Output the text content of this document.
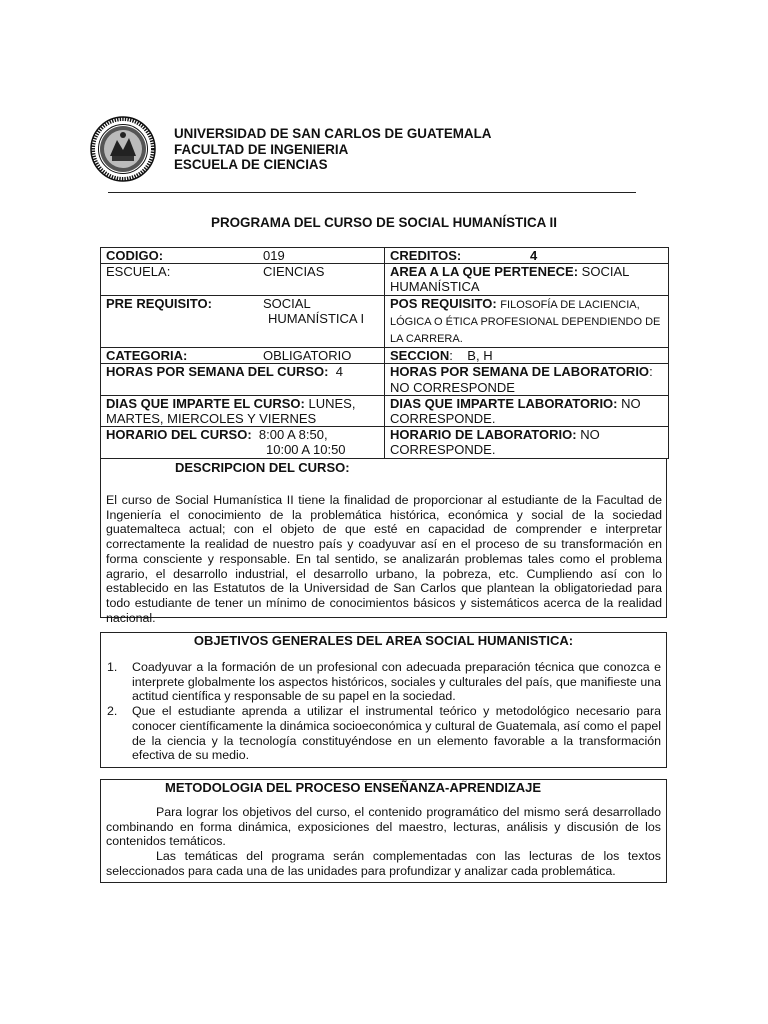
UNIVERSIDAD DE SAN CARLOS DE GUATEMALA
FACULTAD DE INGENIERIA
ESCUELA DE CIENCIAS
PROGRAMA DEL CURSO DE SOCIAL HUMANÍSTICA II
CODIGO: 019	CREDITOS: 4

ESCUELA: CIENCIAS	AREA A LA QUE PERTENECE: SOCIAL HUMANÍSTICA

PRE REQUISITO: SOCIAL
HUMANÍSTICA I	POS REQUISITO: FILOSOFÍA DE LACIENCIA, LÓGICA O ÉTICA PROFESIONAL DEPENDIENDO DE LA CARRERA.

CATEGORIA: OBLIGATORIO	SECCION:    B, H
HORAS POR SEMANA DEL CURSO: 4	HORAS POR SEMANA DE LABORATORIO: NO CORRESPONDE
DIAS QUE IMPARTE EL CURSO: LUNES, MARTES, MIERCOLES Y VIERNES	DIAS QUE IMPARTE LABORATORIO: NO CORRESPONDE.
HORARIO DEL CURSO: 8:00 A 8:50,
10:00 A 10:50	HORARIO DE LABORATORIO: NO CORRESPONDE.
DESCRIPCION DEL CURSO:
El curso de Social Humanística II tiene la finalidad de proporcionar al estudiante de la Facultad de Ingeniería el conocimiento de la problemática histórica, económica y social de la sociedad guatemalteca actual; con el objeto de que esté en capacidad de comprender e interpretar correctamente la realidad de nuestro país y coadyuvar así en el proceso de su transformación en forma consciente y responsable. En tal sentido, se analizarán problemas tales como el problema agrario, el desarrollo industrial, el desarrollo urbano, la pobreza, etc. Cumpliendo así con lo establecido en las Estatutos de la Universidad de San Carlos que plantean la obligatoriedad para todo estudiante de tener un mínimo de conocimientos básicos y sistemáticos acerca de la realidad nacional.
OBJETIVOS GENERALES DEL AREA SOCIAL HUMANISTICA:
1.	Coadyuvar a la formación de un profesional con adecuada preparación técnica que conozca e interprete globalmente los aspectos históricos, sociales y culturales del país, que manifieste una actitud científica y responsable de su papel en la sociedad.
2.	Que el estudiante aprenda a utilizar el instrumental teórico y metodológico necesario para conocer científicamente la dinámica socioeconómica y cultural de Guatemala, así como el papel de la ciencia y la tecnología constituyéndose en un elemento favorable a la transformación efectiva de su medio.
METODOLOGIA DEL PROCESO ENSEÑANZA-APRENDIZAJE

Para lograr los objetivos del curso, el contenido programático del mismo será desarrollado combinando en forma dinámica, exposiciones del maestro, lecturas, análisis y discusión de los contenidos temáticos.

Las temáticas del programa serán complementadas con las lecturas de los textos seleccionados para cada una de las unidades para profundizar y analizar cada problemática.
